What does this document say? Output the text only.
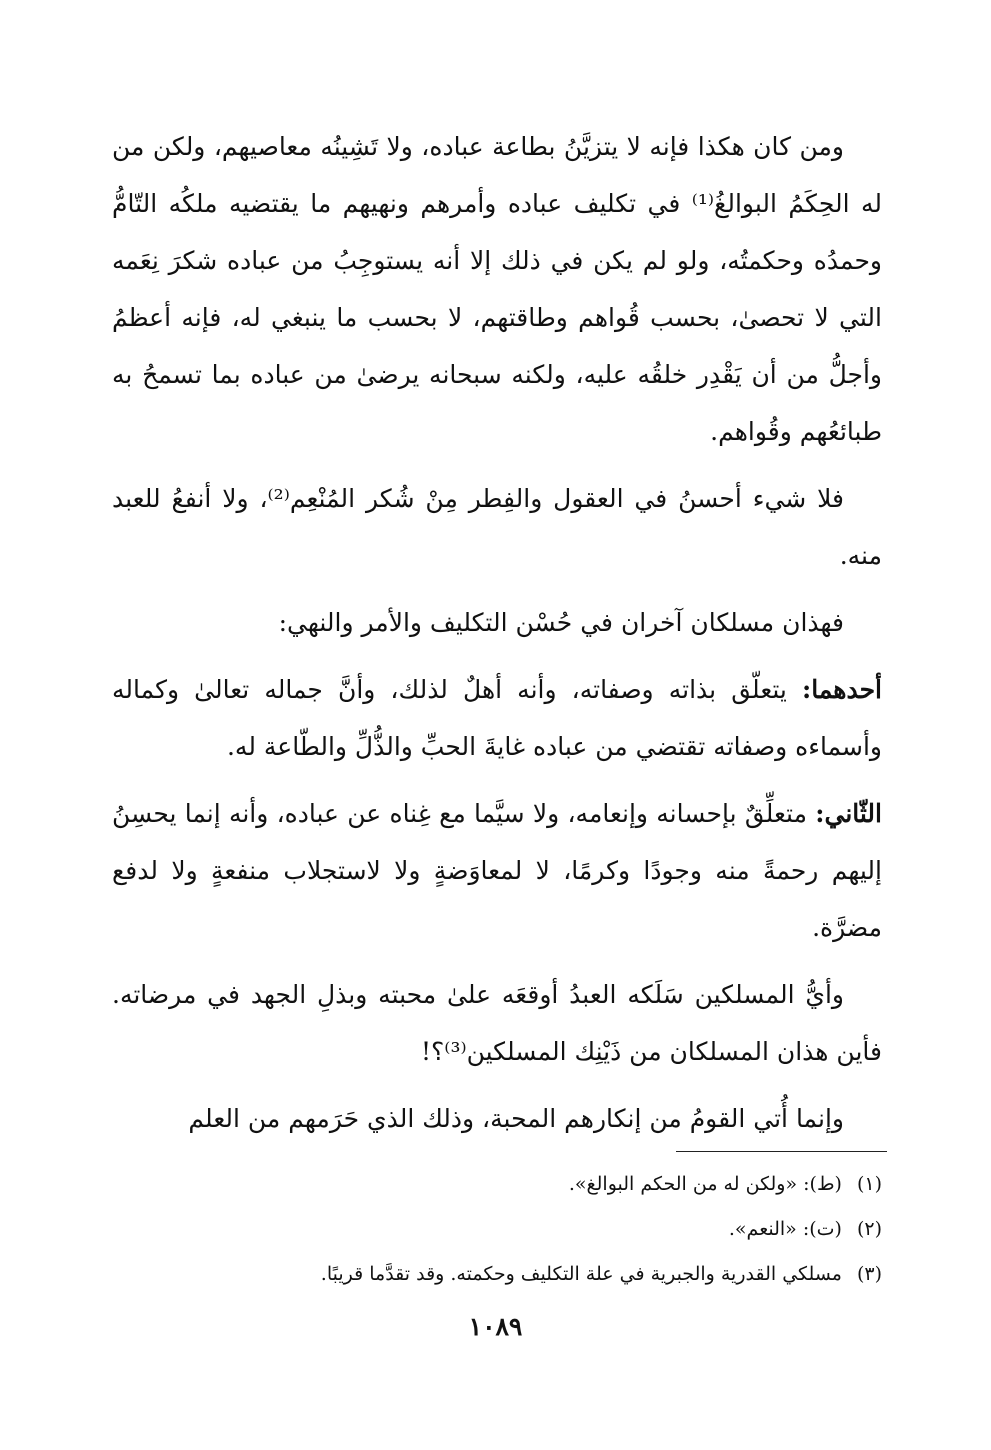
ومن كان هكذا فإنه لا يتزيَّنُ بطاعة عباده، ولا تَشِينُه معاصيهم، ولكن من له الحِكَمُ البوالغُ⁽¹⁾ في تكليف عباده وأمرهم ونهيهم ما يقتضيه ملكُه التّامُّ وحمدُه وحكمتُه، ولو لم يكن في ذلك إلا أنه يستوجِبُ من عباده شكرَ نِعَمه التي لا تحصىٰ، بحسب قُواهم وطاقتهم، لا بحسب ما ينبغي له، فإنه أعظمُ وأجلُّ من أن يَقْدِر خلقُه عليه، ولكنه سبحانه يرضىٰ من عباده بما تسمحُ به طبائعُهم وقُواهم.

فلا شيء أحسنُ في العقول والفِطر مِنْ شُكر المُنْعِم⁽²⁾، ولا أنفعُ للعبد منه.

فهذان مسلكان آخران في حُسْن التكليف والأمر والنهي:

أحدهما: يتعلّق بذاته وصفاته، وأنه أهلٌ لذلك، وأنَّ جماله تعالىٰ وكماله وأسماءه وصفاته تقتضي من عباده غايةَ الحبِّ والذُّلِّ والطّاعة له.

الثّاني: متعلِّقٌ بإحسانه وإنعامه، ولا سيَّما مع غِناه عن عباده، وأنه إنما يحسِنُ إليهم رحمةً منه وجودًا وكرمًا، لا لمعاوَضةٍ ولا لاستجلاب منفعةٍ ولا لدفع مضرَّة.

وأيُّ المسلكين سَلَكه العبدُ أوقعَه علىٰ محبته وبذلِ الجهد في مرضاته. فأين هذان المسلكان من ذَيْنِك المسلكين⁽³⁾؟!

وإنما أُتي القومُ من إنكارهم المحبة، وذلك الذي حَرَمهم من العلم

(١) (ط): «ولكن له من الحكم البوالغ».

(٢) (ت): «النعم».

(٣) مسلكي القدرية والجبرية في علة التكليف وحكمته. وقد تقدَّما قريبًا.

١٠٨٩
